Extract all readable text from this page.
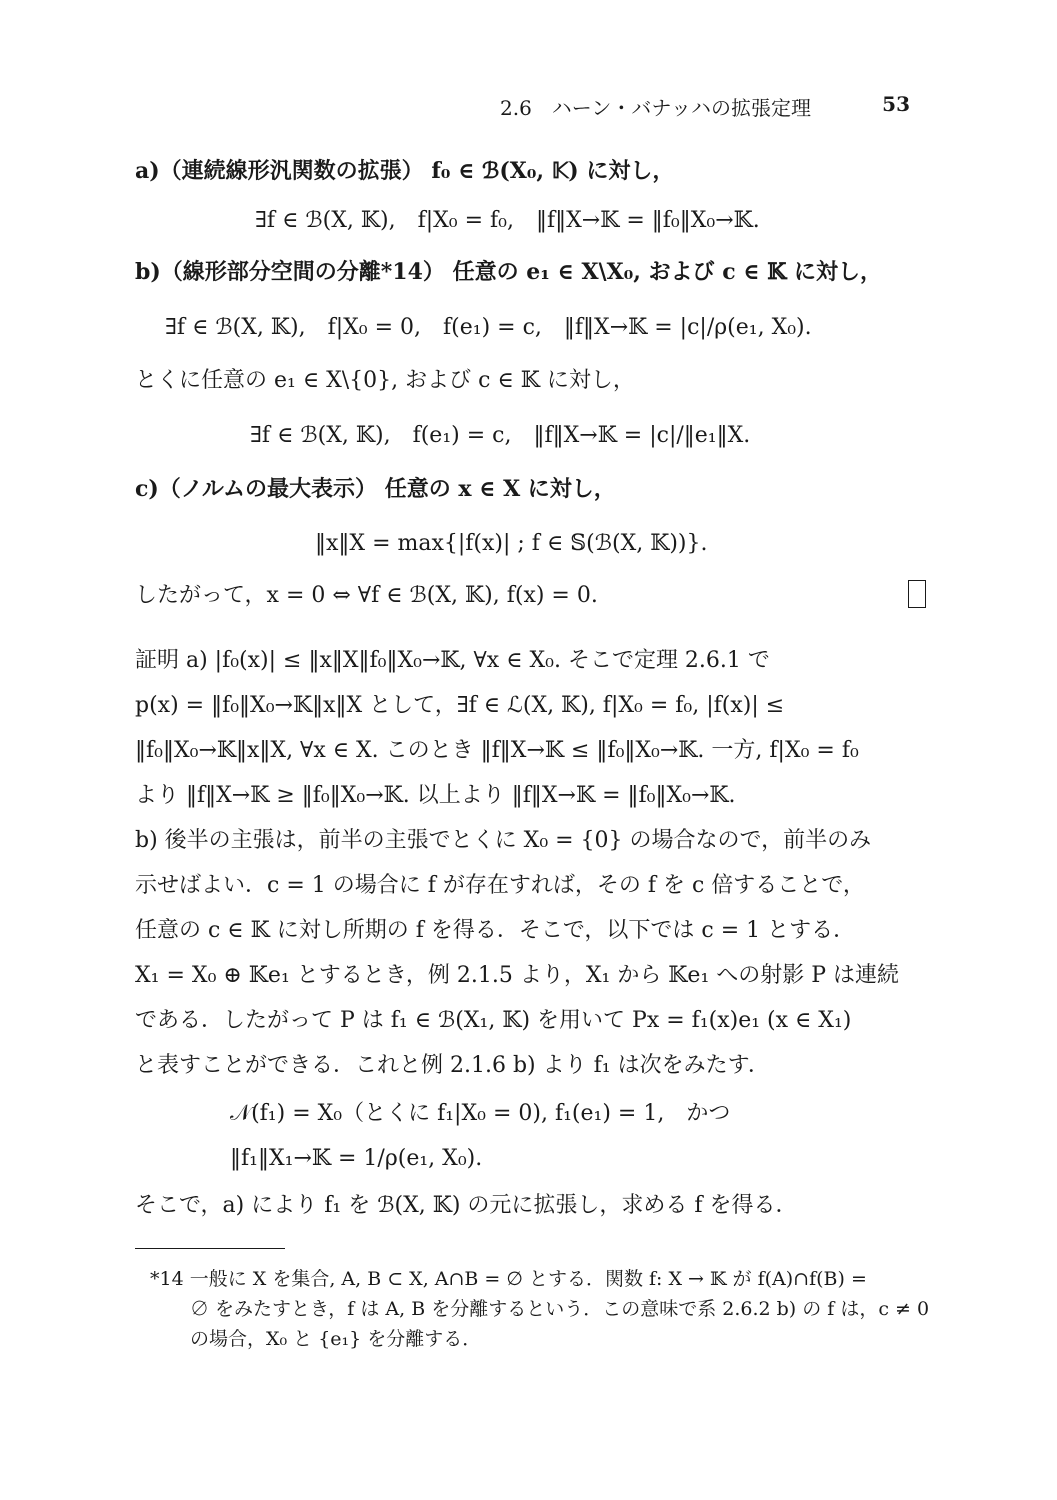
2.6　ハーン・バナッハの拡張定理	53
a)（連続線形汎関数の拡張） f₀ ∈ ℬ(X₀, 𝕂) に対し，
∃f ∈ ℬ(X, 𝕂),　f|X₀ = f₀,　‖f‖X→𝕂 = ‖f₀‖X₀→𝕂.
b)（線形部分空間の分離*14） 任意の e₁ ∈ X\X₀, および c ∈ 𝕂 に対し，
∃f ∈ ℬ(X, 𝕂),　f|X₀ = 0,　f(e₁) = c,　‖f‖X→𝕂 = |c|/ρ(e₁, X₀).
とくに任意の e₁ ∈ X\{0}, および c ∈ 𝕂 に対し，
∃f ∈ ℬ(X, 𝕂),　f(e₁) = c,　‖f‖X→𝕂 = |c|/‖e₁‖X.
c)（ノルムの最大表示） 任意の x ∈ X に対し，
‖x‖X = max{|f(x)| ; f ∈ 𝕊(ℬ(X, 𝕂))}.
したがって，x = 0 ⇔ ∀f ∈ ℬ(X, 𝕂), f(x) = 0.
証明 a) |f₀(x)| ≤ ‖x‖X‖f₀‖X₀→𝕂, ∀x ∈ X₀. そこで定理 2.6.1 で
p(x) = ‖f₀‖X₀→𝕂‖x‖X として，∃f ∈ ℒ(X, 𝕂), f|X₀ = f₀, |f(x)| ≤
‖f₀‖X₀→𝕂‖x‖X, ∀x ∈ X. このとき ‖f‖X→𝕂 ≤ ‖f₀‖X₀→𝕂. 一方, f|X₀ = f₀
より ‖f‖X→𝕂 ≥ ‖f₀‖X₀→𝕂. 以上より ‖f‖X→𝕂 = ‖f₀‖X₀→𝕂.
b) 後半の主張は，前半の主張でとくに X₀ = {0} の場合なので，前半のみ
示せばよい．c = 1 の場合に f が存在すれば，その f を c 倍することで，
任意の c ∈ 𝕂 に対し所期の f を得る．そこで，以下では c = 1 とする．
X₁ = X₀ ⊕ 𝕂e₁ とするとき，例 2.1.5 より，X₁ から 𝕂e₁ への射影 P は連続
である．したがって P は f₁ ∈ ℬ(X₁, 𝕂) を用いて Px = f₁(x)e₁ (x ∈ X₁)
と表すことができる．これと例 2.1.6 b) より f₁ は次をみたす．
𝒩(f₁) = X₀（とくに f₁|X₀ = 0), f₁(e₁) = 1,　かつ
‖f₁‖X₁→𝕂 = 1/ρ(e₁, X₀).
そこで，a) により f₁ を ℬ(X, 𝕂) の元に拡張し，求める f を得る．
*14 一般に X を集合, A, B ⊂ X, A∩B = ∅ とする．関数 f: X → 𝕂 が f(A)∩f(B) =
∅ をみたすとき，f は A, B を分離するという．この意味で系 2.6.2 b) の f は，c ≠ 0
の場合，X₀ と {e₁} を分離する．
